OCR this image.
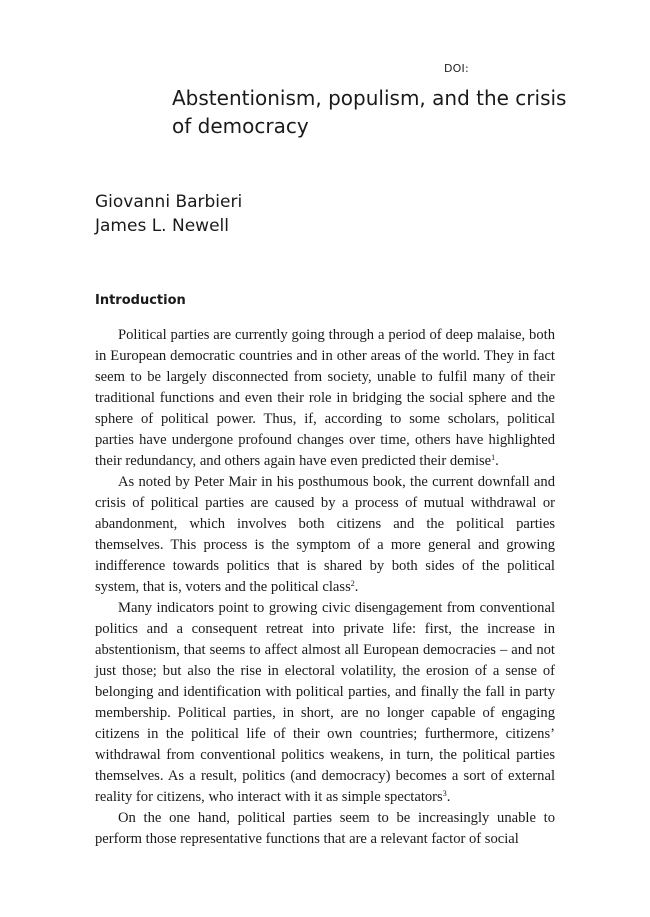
DOI:
Abstentionism, populism, and the crisis of democracy
Giovanni Barbieri
James L. Newell
Introduction

Political parties are currently going through a period of deep malaise, both in European democratic countries and in other areas of the world. They in fact seem to be largely disconnected from society, unable to fulfil many of their traditional functions and even their role in bridging the social sphere and the sphere of political power. Thus, if, according to some scholars, political parties have undergone profound changes over time, others have highlighted their redundancy, and others again have even predicted their demise$^1$.

As noted by Peter Mair in his posthumous book, the current downfall and crisis of political parties are caused by a process of mutual withdrawal or abandonment, which involves both citizens and the political parties themselves. This process is the symptom of a more general and growing indifference towards politics that is shared by both sides of the political system, that is, voters and the political class$^2$.

Many indicators point to growing civic disengagement from conventional politics and a consequent retreat into private life: first, the increase in abstentionism, that seems to affect almost all European democracies – and not just those; but also the rise in electoral volatility, the erosion of a sense of belonging and identification with political parties, and finally the fall in party membership. Political parties, in short, are no longer capable of engaging citizens in the political life of their own countries; furthermore, citizens’ withdrawal from conventional politics weakens, in turn, the political parties themselves. As a result, politics (and democracy) becomes a sort of external reality for citizens, who interact with it as simple spectators$^3$.

On the one hand, political parties seem to be increasingly unable to perform those representative functions that are a relevant factor of social
